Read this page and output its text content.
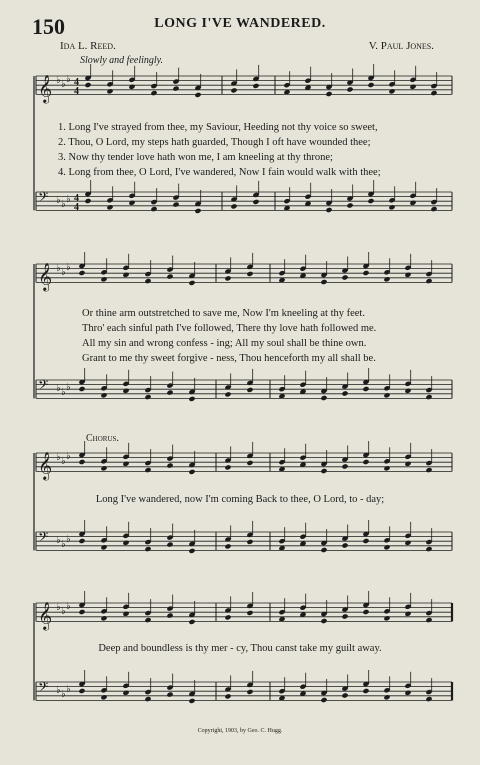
150	LONG I'VE WANDERED.
Ida L. Reed.	V. Paul Jones.
Slowly and feelingly.
𝄞 ♭ ♭ ♭ 4
4
𝄢 ♭ ♭ ♭ 4
4
𝄞 ♭ ♭ ♭
𝄢 ♭ ♭ ♭
𝄞 ♭ ♭ ♭
𝄢 ♭ ♭ ♭
𝄞 ♭ ♭ ♭
𝄢 ♭ ♭ ♭
1. Long I've strayed from thee, my Saviour, Heeding not thy voice so sweet,
2. Thou, O Lord, my steps hath guarded, Though I oft have wounded thee;
3. Now thy tender love hath won me, I am kneeling at thy throne;
4. Long from thee, O Lord, I've wandered, Now I fain would walk with thee;
Or thine arm outstretched to save me, Now I'm kneeling at thy feet.
Thro' each sinful path I've followed, There thy love hath followed me.
All my sin and wrong confess - ing; All my soul shall be thine own.
Grant to me thy sweet forgive - ness, Thou henceforth my all shall be.
Chorus.
Long I've wandered, now I'm coming Back to thee, O Lord, to - day;
Deep and boundless is thy mer - cy, Thou canst take my guilt away.
Copyright, 1903, by Geo. C. Hugg.
